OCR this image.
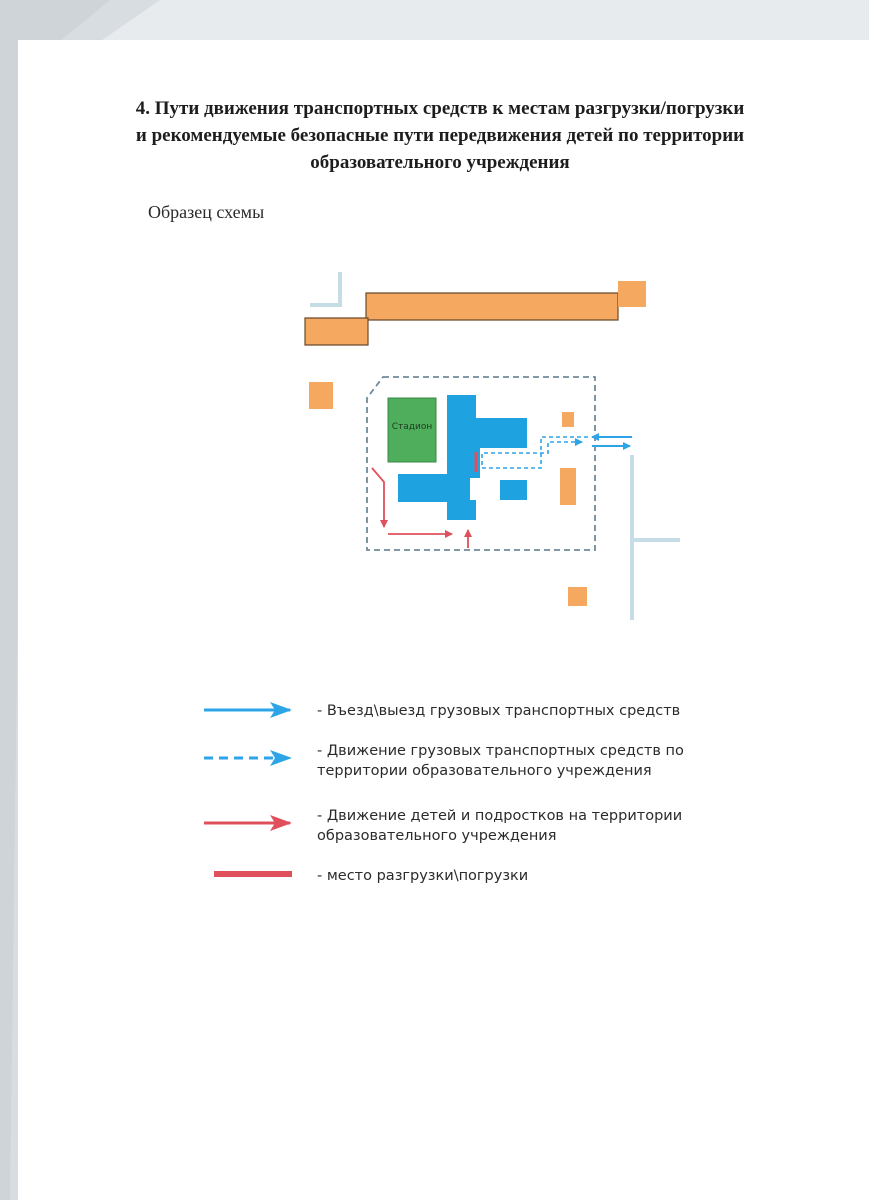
4. Пути движения транспортных средств к местам разгрузки/погрузки
и рекомендуемые безопасные пути передвижения детей по территории
образовательного учреждения
Образец схемы
Стадион
- Въезд\выезд грузовых транспортных средств
- Движение грузовых транспортных средств по территории образовательного учреждения
- Движение детей и подростков на территории образовательного учреждения
- место разгрузки\погрузки
